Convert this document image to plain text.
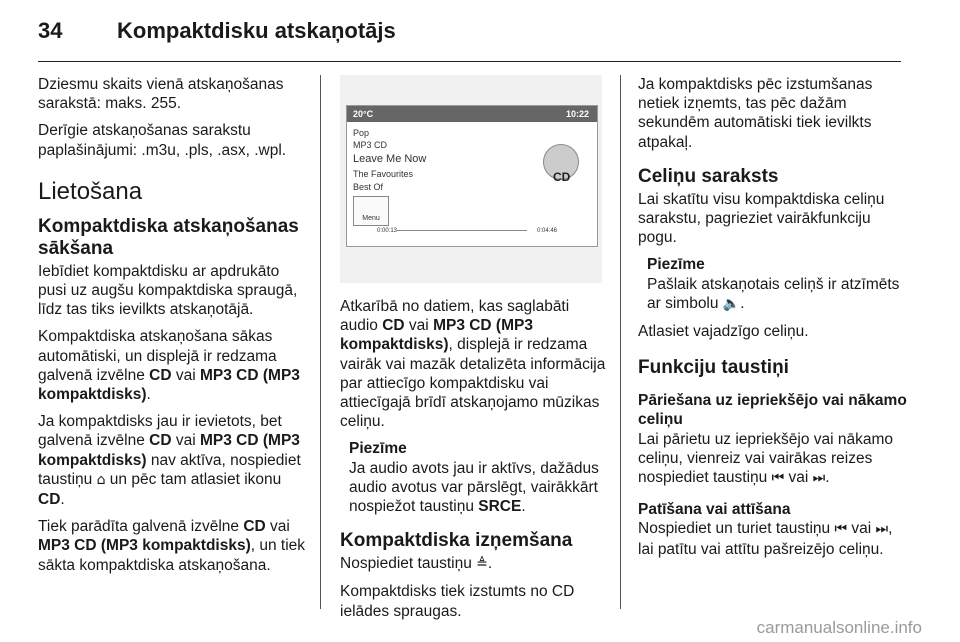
34 Kompaktdisku atskaņotājs

Dziesmu skaits vienā atskaņošanas sarakstā: maks. 255.

Derīgie atskaņošanas sarakstu paplašinājumi: .m3u, .pls, .asx, .wpl.

Lietošana
Kompaktdiska atskaņošanas sākšana

Iebīdiet kompaktdisku ar apdrukāto pusi uz augšu kompaktdiska spraugā, līdz tas tiks ievilkts atskaņotājā.

Kompaktdiska atskaņošana sākas automātiski, un displejā ir redzama galvenā izvēlne CD vai MP3 CD (MP3 kompaktdisks).

Ja kompaktdisks jau ir ievietots, bet galvenā izvēlne CD vai MP3 CD (MP3 kompaktdisks) nav aktīva, nospiediet taustiņu ⌂ un pēc tam atlasiet ikonu CD.

Tiek parādīta galvenā izvēlne CD vai MP3 CD (MP3 kompaktdisks), un tiek sākta kompaktdiska atskaņošana.

20°C	10:22
Pop
MP3 CD
Leave Me Now
The Favourites
Best Of
CD
Menu
0:00:13	0:04:46

Atkarībā no datiem, kas saglabāti audio CD vai MP3 CD (MP3 kompaktdisks), displejā ir redzama vairāk vai mazāk detalizēta informācija par attiecīgo kompaktdisku vai attiecīgajā brīdī atskaņojamo mūzikas celiņu.

Piezīme
Ja audio avots jau ir aktīvs, dažādus audio avotus var pārslēgt, vairākkārt nospiežot taustiņu SRCE.
Kompaktdiska izņemšana

Nospiediet taustiņu ≜.

Kompaktdisks tiek izstumts no CD ielādes spraugas.

Ja kompaktdisks pēc izstumšanas netiek izņemts, tas pēc dažām sekundēm automātiski tiek ievilkts atpakaļ.

Celiņu saraksts

Lai skatītu visu kompaktdiska celiņu sarakstu, pagrieziet vairākfunkciju pogu.

Piezīme
Pašlaik atskaņotais celiņš ir atzīmēts ar simbolu 🔈.

Atlasiet vajadzīgo celiņu.

Funkciju taustiņi
Pāriešana uz iepriekšējo vai nākamo celiņu

Lai pārietu uz iepriekšējo vai nākamo celiņu, vienreiz vai vairākas reizes nospiediet taustiņu ⏮ vai ⏭.

Patīšana vai attīšana

Nospiediet un turiet taustiņu ⏮ vai ⏭, lai patītu vai attītu pašreizējo celiņu.

carmanualsonline.info
